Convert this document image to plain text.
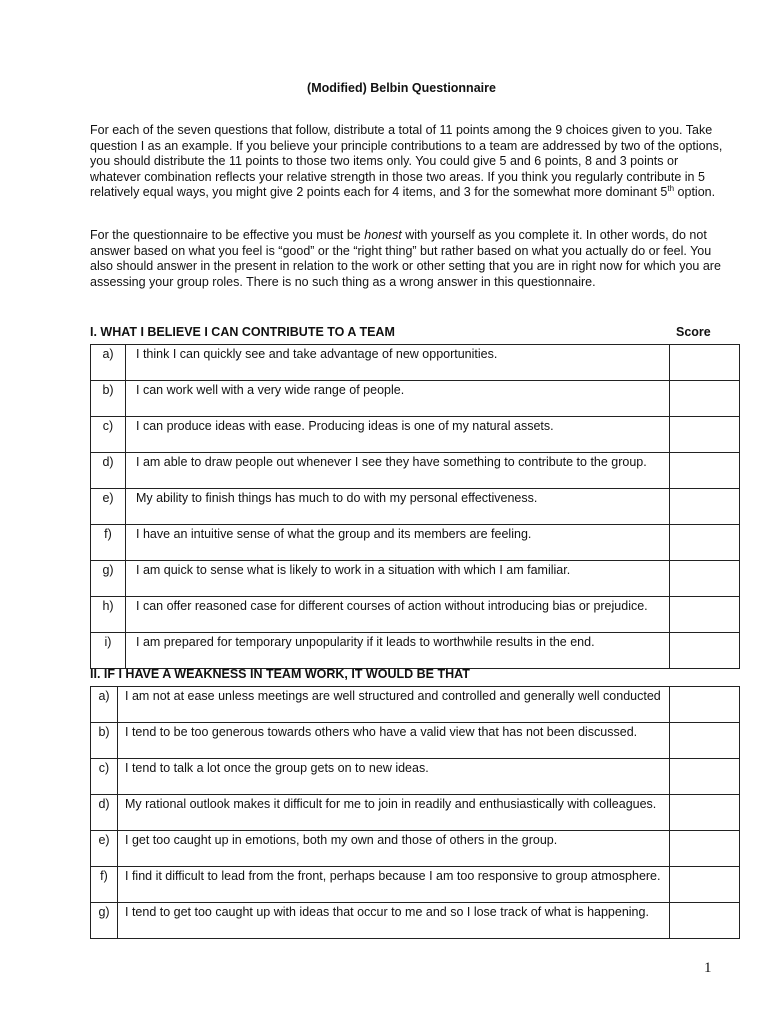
(Modified) Belbin Questionnaire

For each of the seven questions that follow, distribute a total of 11 points among the 9 choices given to you. Take question I as an example. If you believe your principle contributions to a team are addressed by two of the options, you should distribute the 11 points to those two items only. You could give 5 and 6 points, 8 and 3 points or whatever combination reflects your relative strength in those two areas. If you think you regularly contribute in 5 relatively equal ways, you might give 2 points each for 4 items, and 3 for the somewhat more dominant 5th option.

For the questionnaire to be effective you must be honest with yourself as you complete it. In other words, do not answer based on what you feel is “good” or the “right thing” but rather based on what you actually do or feel. You also should answer in the present in relation to the work or other setting that you are in right now for which you are assessing your group roles. There is no such thing as a wrong answer in this questionnaire.

I. WHAT I BELIEVE I CAN CONTRIBUTE TO A TEAM	Score
a)	I think I can quickly see and take advantage of new opportunities.	
b)	I can work well with a very wide range of people.	
c)	I can produce ideas with ease. Producing ideas is one of my natural assets.	
d)	I am able to draw people out whenever I see they have something to contribute to the group.	
e)	My ability to finish things has much to do with my personal effectiveness.	
f)	I have an intuitive sense of what the group and its members are feeling.	
g)	I am quick to sense what is likely to work in a situation with which I am familiar.	
h)	I can offer reasoned case for different courses of action without introducing bias or prejudice.	
i)	I am prepared for temporary unpopularity if it leads to worthwhile results in the end.	
II. IF I HAVE A WEAKNESS IN TEAM WORK, IT WOULD BE THAT
a)	I am not at ease unless meetings are well structured and controlled and generally well conducted	
b)	I tend to be too generous towards others who have a valid view that has not been discussed.	
c)	I tend to talk a lot once the group gets on to new ideas.	
d)	My rational outlook makes it difficult for me to join in readily and enthusiastically with colleagues.	
e)	I get too caught up in emotions, both my own and those of others in the group.	
f)	I find it difficult to lead from the front, perhaps because I am too responsive to group atmosphere.	
g)	I tend to get too caught up with ideas that occur to me and so I lose track of what is happening.	
1
